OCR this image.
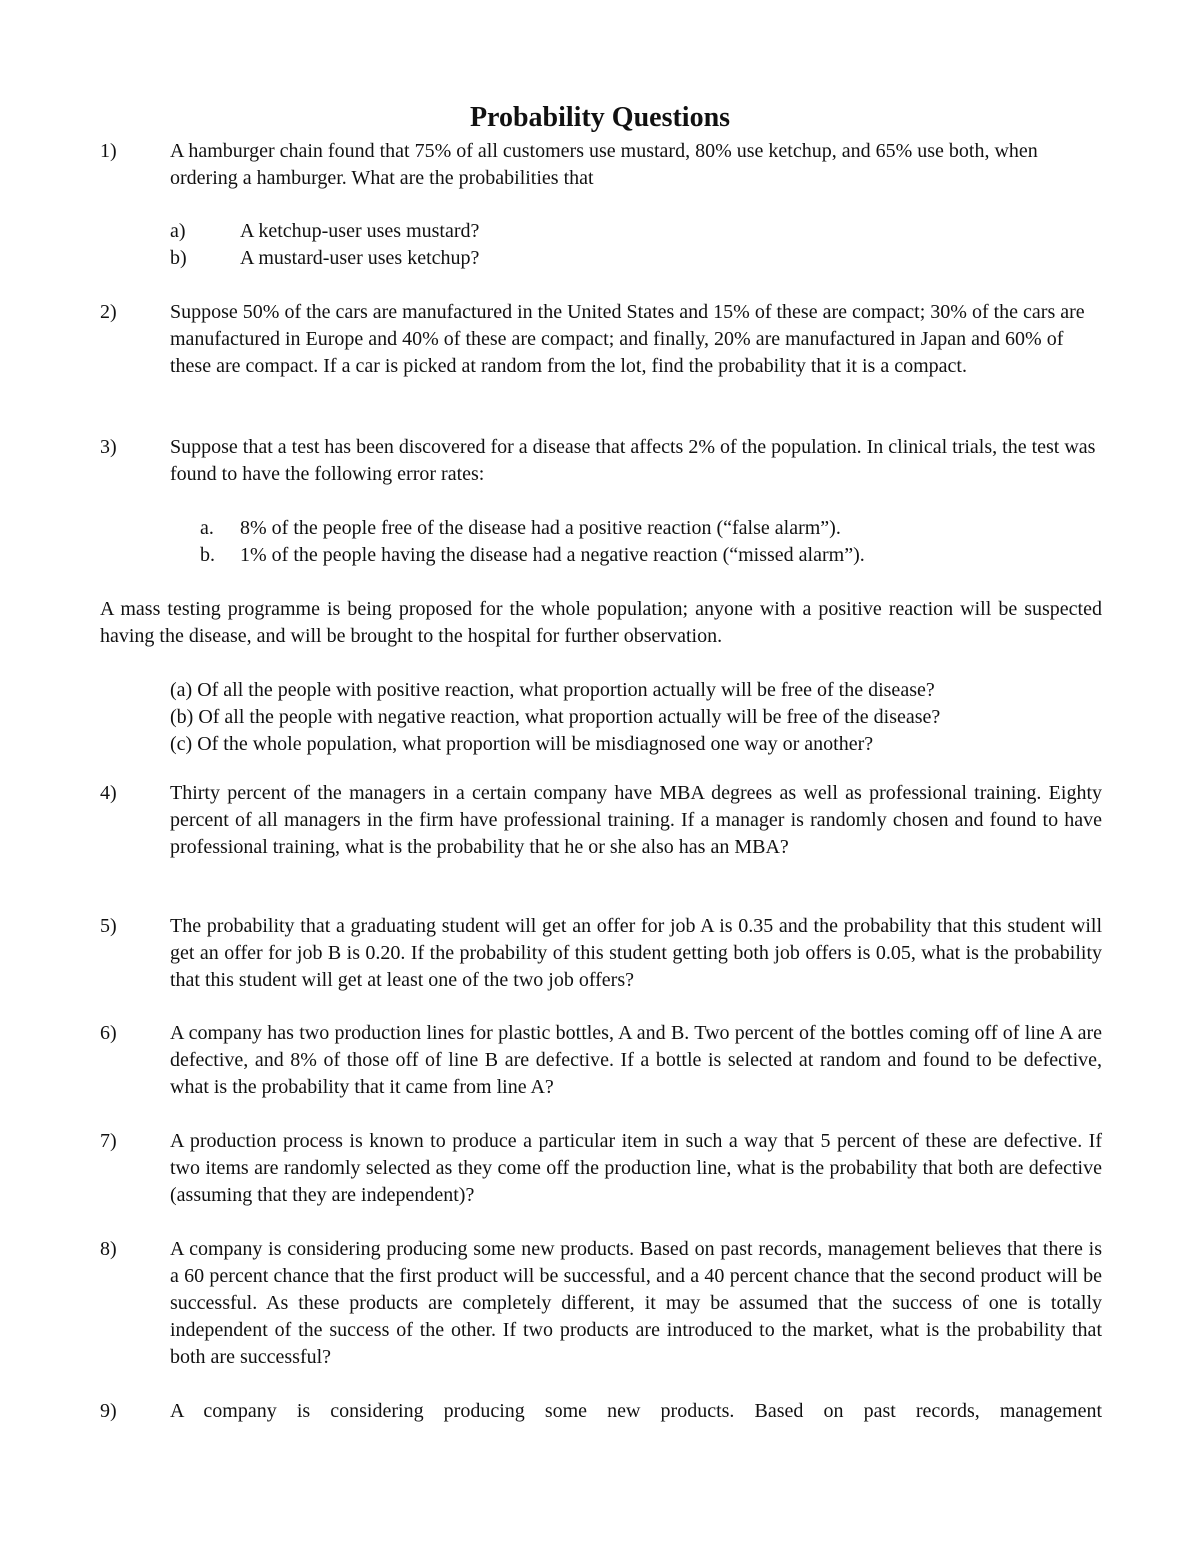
Probability Questions
1)	A hamburger chain found that 75% of all customers use mustard, 80% use ketchup, and 65% use both, when ordering a hamburger. What are the probabilities that
a)	A ketchup-user uses mustard?
b)	A mustard-user uses ketchup?
2)	Suppose 50% of the cars are manufactured in the United States and 15% of these are compact; 30% of the cars are manufactured in Europe and 40% of these are compact; and finally, 20% are manufactured in Japan and 60% of these are compact. If a car is picked at random from the lot, find the probability that it is a compact.
3)	Suppose that a test has been discovered for a disease that affects 2% of the population. In clinical trials, the test was found to have the following error rates:
a. 8% of the people free of the disease had a positive reaction (“false alarm”).
b. 1% of the people having the disease had a negative reaction (“missed alarm”).
A mass testing programme is being proposed for the whole population; anyone with a positive reaction will be suspected having the disease, and will be brought to the hospital for further observation.
(a) Of all the people with positive reaction, what proportion actually will be free of the disease?
(b) Of all the people with negative reaction, what proportion actually will be free of the disease?
(c) Of the whole population, what proportion will be misdiagnosed one way or another?
4)	Thirty percent of the managers in a certain company have MBA degrees as well as professional training. Eighty percent of all managers in the firm have professional training. If a manager is randomly chosen and found to have professional training, what is the probability that he or she also has an MBA?
5)	The probability that a graduating student will get an offer for job A is 0.35 and the probability that this student will get an offer for job B is 0.20. If the probability of this student getting both job offers is 0.05, what is the probability that this student will get at least one of the two job offers?
6)	A company has two production lines for plastic bottles, A and B. Two percent of the bottles coming off of line A are defective, and 8% of those off of line B are defective. If a bottle is selected at random and found to be defective, what is the probability that it came from line A?
7)	A production process is known to produce a particular item in such a way that 5 percent of these are defective. If two items are randomly selected as they come off the production line, what is the probability that both are defective (assuming that they are independent)?
8)	A company is considering producing some new products. Based on past records, management believes that there is a 60 percent chance that the first product will be successful, and a 40 percent chance that the second product will be successful. As these products are completely different, it may be assumed that the success of one is totally independent of the success of the other. If two products are introduced to the market, what is the probability that both are successful?
9)	A company is considering producing some new products. Based on past records, management
